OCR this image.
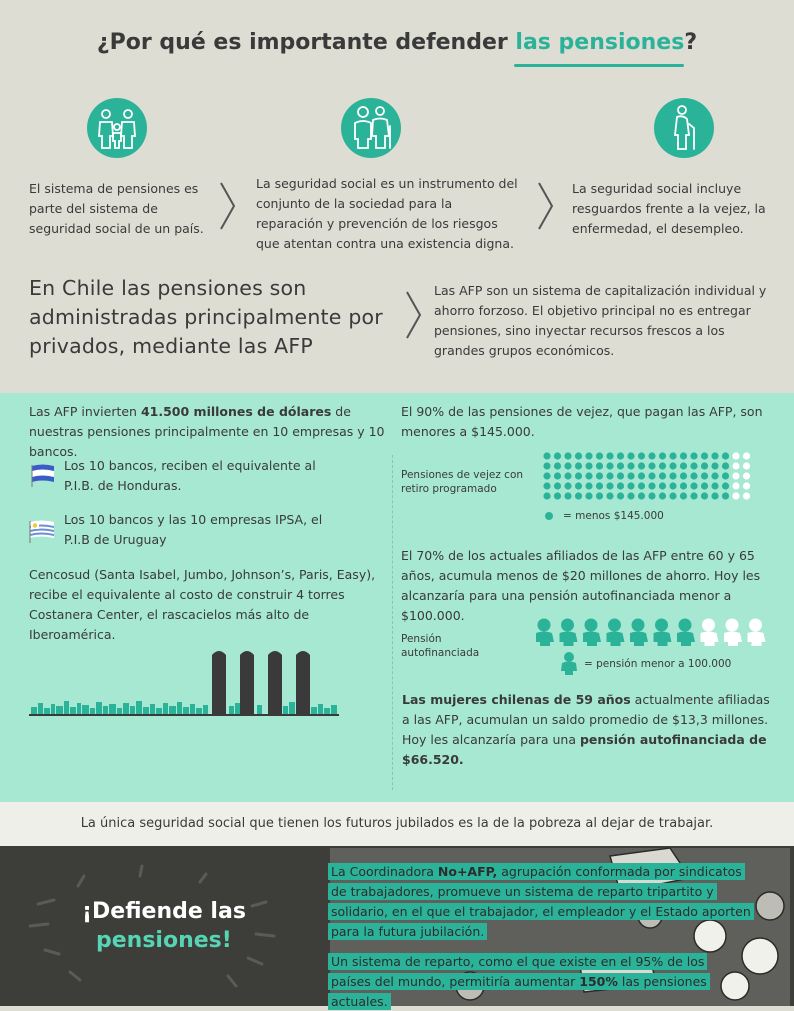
¿Por qué es importante defender las pensiones?
El sistema de pensiones es parte del sistema de seguridad social de un país.
La seguridad social es un instrumento del conjunto de la sociedad para la reparación y prevención de los riesgos que atentan contra una existencia digna.
La seguridad social incluye resguardos frente a la vejez, la enfermedad, el desempleo.
En Chile las pensiones son administradas principalmente por privados, mediante las AFP
Las AFP son un sistema de capitalización individual y ahorro forzoso. El objetivo principal no es entregar pensiones, sino inyectar recursos frescos a los grandes grupos económicos.
Las AFP invierten 41.500 millones de dólares de nuestras pensiones principalmente en 10 empresas y 10 bancos.
Los 10 bancos, reciben el equivalente al P.I.B. de Honduras.
Los 10 bancos y las 10 empresas IPSA, el P.I.B de Uruguay
Cencosud (Santa Isabel, Jumbo, Johnson’s, Paris, Easy), recibe el equivalente al costo de construir 4 torres Costanera Center, el rascacielos más alto de Iberoamérica.
El 90% de las pensiones de vejez, que pagan las AFP, son menores a $145.000.
Pensiones de vejez con retiro programado
= menos $145.000
El 70% de los actuales afiliados de las AFP entre 60 y 65 años, acumula menos de $20 millones de ahorro. Hoy les alcanzaría para una pensión autofinanciada menor a $100.000.
Pensión autofinanciada
= pensión menor a 100.000
Las mujeres chilenas de 59 años actualmente afiliadas a las AFP, acumulan un saldo promedio de $13,3 millones. Hoy les alcanzaría para una pensión autofinanciada de $66.520.
La única seguridad social que tienen los futuros jubilados es la de la pobreza al dejar de trabajar.
¡Defiende las
pensiones!
La Coordinadora No+AFP, agrupación conformada por sindicatos de trabajadores, promueve un sistema de reparto tripartito y solidario, en el que el trabajador, el empleador y el Estado aporten para la futura jubilación.
Un sistema de reparto, como el que existe en el 95% de los países del mundo, permitiría aumentar 150% las pensiones actuales.
